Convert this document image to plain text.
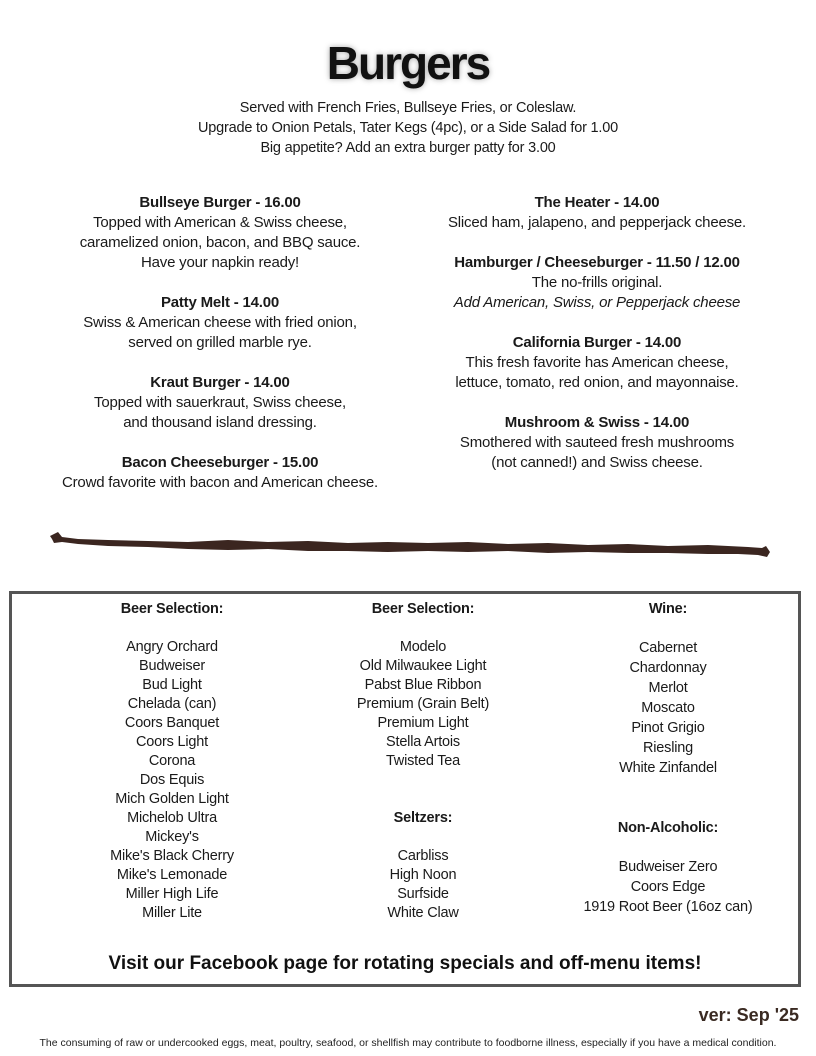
Burgers
Served with French Fries, Bullseye Fries, or Coleslaw.
Upgrade to Onion Petals, Tater Kegs (4pc), or a Side Salad for 1.00
Big appetite? Add an extra burger patty for 3.00
Bullseye Burger - 16.00
Topped with American & Swiss cheese,
caramelized onion, bacon, and BBQ sauce.
Have your napkin ready!
Patty Melt - 14.00
Swiss & American cheese with fried onion,
served on grilled marble rye.
Kraut Burger - 14.00
Topped with sauerkraut, Swiss cheese,
and thousand island dressing.
Bacon Cheeseburger - 15.00
Crowd favorite with bacon and American cheese.
The Heater - 14.00
Sliced ham, jalapeno, and pepperjack cheese.
Hamburger / Cheeseburger - 11.50 / 12.00
The no-frills original.
Add American, Swiss, or Pepperjack cheese
California Burger - 14.00
This fresh favorite has American cheese,
lettuce, tomato, red onion, and mayonnaise.
Mushroom & Swiss - 14.00
Smothered with sauteed fresh mushrooms
(not canned!) and Swiss cheese.
Beer Selection:
Angry Orchard
Budweiser
Bud Light
Chelada (can)
Coors Banquet
Coors Light
Corona
Dos Equis
Mich Golden Light
Michelob Ultra
Mickey's
Mike's Black Cherry
Mike's Lemonade
Miller High Life
Miller Lite
Beer Selection:
Modelo
Old Milwaukee Light
Pabst Blue Ribbon
Premium (Grain Belt)
Premium Light
Stella Artois
Twisted Tea
Seltzers:
Carbliss
High Noon
Surfside
White Claw
Wine:
Cabernet
Chardonnay
Merlot
Moscato
Pinot Grigio
Riesling
White Zinfandel
Non-Alcoholic:
Budweiser Zero
Coors Edge
1919 Root Beer (16oz can)
Visit our Facebook page for rotating specials and off-menu items!
ver: Sep '25
The consuming of raw or undercooked eggs, meat, poultry, seafood, or shellfish may contribute to foodborne illness, especially if you have a medical condition.
